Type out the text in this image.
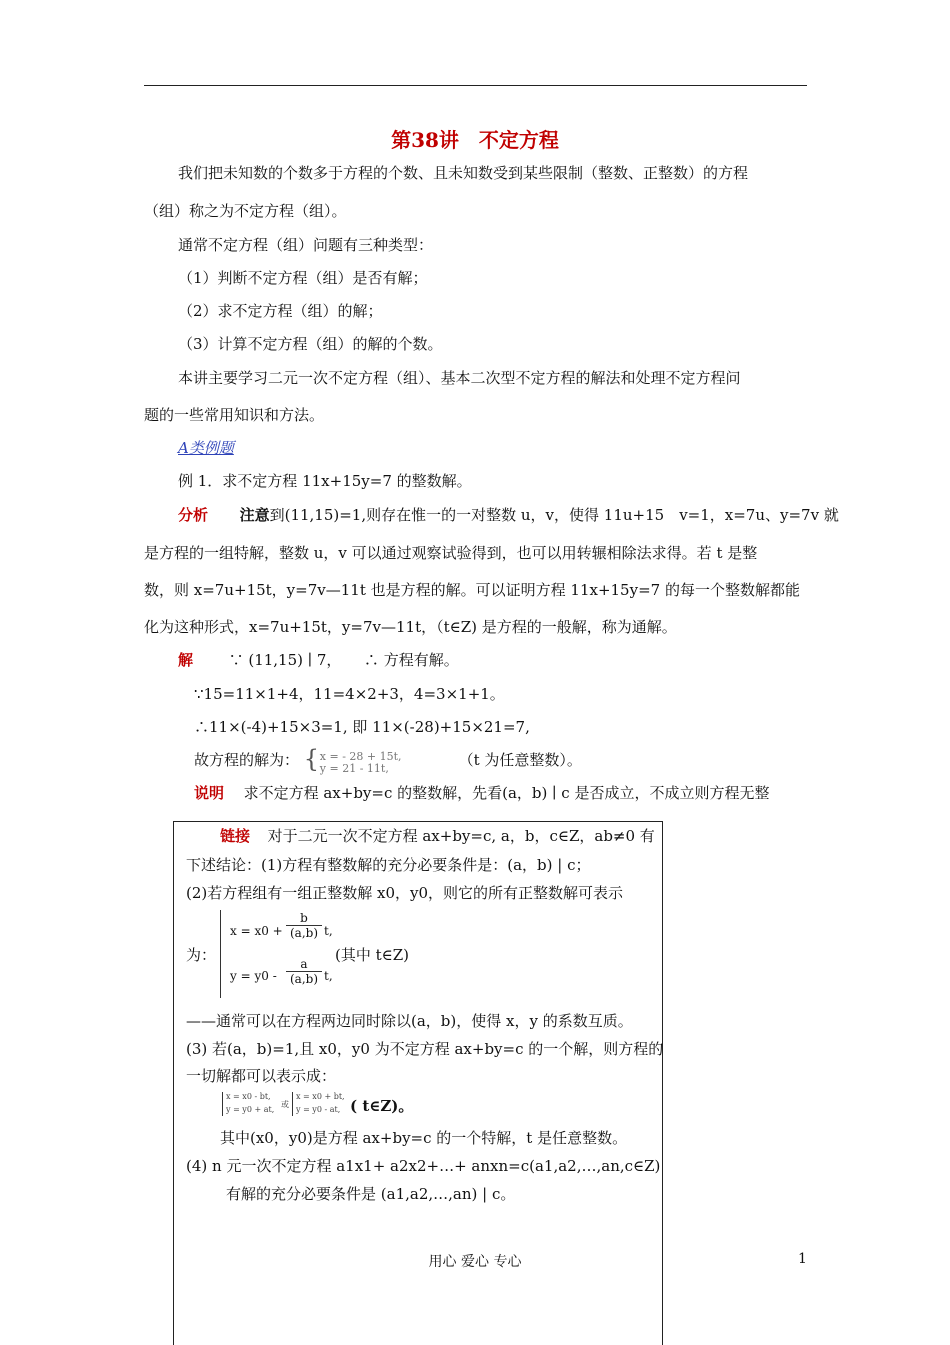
第38讲　不定方程
我们把未知数的个数多于方程的个数、且未知数受到某些限制（整数、正整数）的方程
（组）称之为不定方程（组）。
通常不定方程（组）问题有三种类型：
（1）判断不定方程（组）是否有解；
（2）求不定方程（组）的解；
（3）计算不定方程（组）的解的个数。
本讲主要学习二元一次不定方程（组）、基本二次型不定方程的解法和处理不定方程问
题的一些常用知识和方法。
A类例题
例 1．求不定方程 11x+15y=7 的整数解。
分析 注意到(11,15)=1,则存在惟一的一对整数 u，v，使得 11u+15　v=1，x=7u、y=7v 就
是方程的一组特解，整数 u，v 可以通过观察试验得到，也可以用转辗相除法求得。若 t 是整
数，则 x=7u+15t，y=7v—11t 也是方程的解。可以证明方程 11x+15y=7 的每一个整数解都能
化为这种形式，x=7u+15t，y=7v—11t，（t∈Z) 是方程的一般解，称为通解。
解 ∵ (11,15) ∣ 7，　　∴ 方程有解。
∵15=11×1+4，11=4×2+3，4=3×1+1。
∴11×(-4)+15×3=1, 即 11×(-28)+15×21=7,
故方程的解为： { x = - 28 + 15t,
y = 21 - 11t,	（t 为任意整数）。
说明 求不定方程 ax+by=c 的整数解，先看(a，b) ∣ c 是否成立，不成立则方程无整
链接 对于二元一次不定方程 ax+by=c, a，b，c∈Z，ab≠0 有
下述结论：(1)方程有整数解的充分必要条件是：(a，b) | c；
(2)若方程组有一组正整数解 x0，y0，则它的所有正整数解可表示
为：
$x = x0 + \frac{b}{(a,b)} t$,
$y = y0 - \frac{a}{(a,b)} t$,
(其中 t∈Z)
——通常可以在方程两边同时除以(a，b)，使得 x，y 的系数互质。
(3) 若(a，b)=1,且 x0，y0 为不定方程 ax+by=c 的一个解，则方程的
一切解都可以表示成：
x = x0 - bt,
y = y0 + at,
或
x = x0 + bt,
y = y0 - at, ( t∈Z)。
其中(x0，y0)是方程 ax+by=c 的一个特解，t 是任意整数。
(4) n 元一次不定方程 a1x1+ a2x2+…+ anxn=c(a1,a2,…,an,c∈Z)
有解的充分必要条件是 (a1,a2,…,an) | c。
用心 爱心 专心	1
